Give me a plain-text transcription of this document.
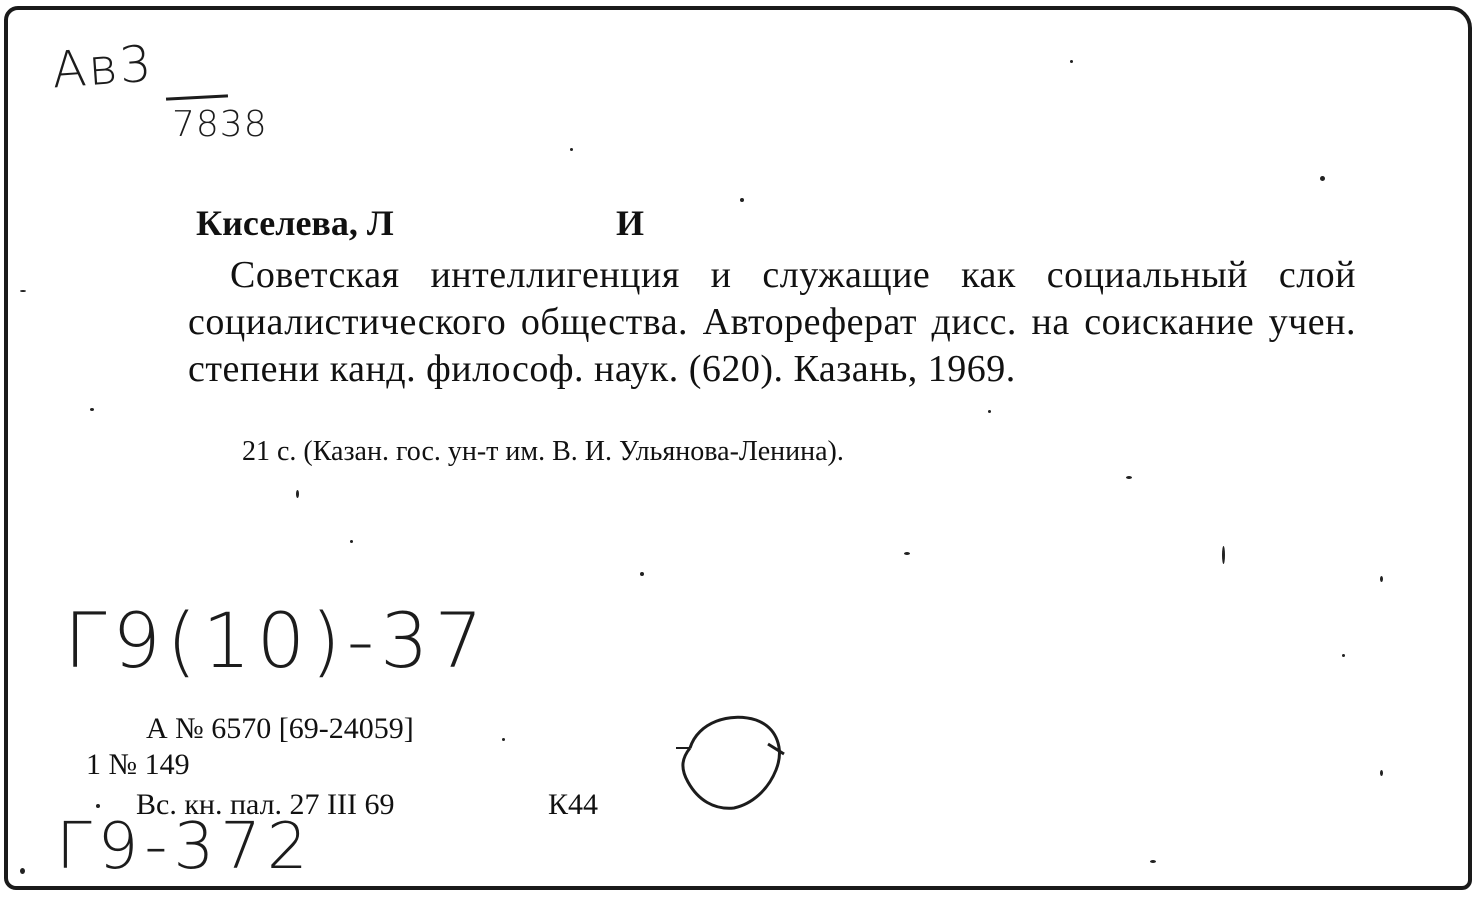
Ав3
7838
Киселева, Л	И
Советская интеллигенция и служащие как социальный слой социалистического общества. Автореферат дисс. на соискание учен. степени канд. философ. наук. (620). Казань, 1969.
21 с. (Казан. гос. ун-т им. В. И. Ульянова-Ленина).
Г9(10)-37
А № 6570 [69-24059]
1 № 149
Вс. кн. пал. 27 III 69	К44
Г9-372
